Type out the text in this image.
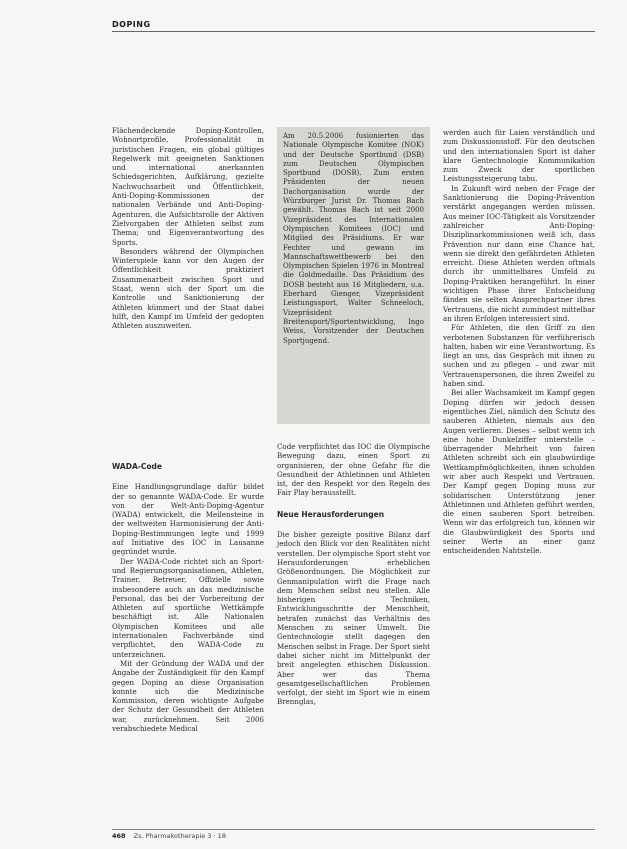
DOPING

Flächendeckende Doping-Kontrollen, Wohnortprofile, Professionalität in juristischen Fragen, ein global gültiges Regelwerk mit geeigneten Sanktionen und international anerkannten Schiedsgerichten, Aufklärung, gezielte Nachwuchsarbeit und Öffentlichkeit, Anti-Doping-Kommissionen der nationalen Verbände und Anti-Doping-Agenturen, die Aufsichtsrolle der Aktiven Zielvorgaben der Athleten selbst zum Thema; und Eigenverantwortung des Sports.

Besonders während der Olympischen Winterspiele kann vor den Augen der Öffentlichkeit praktiziert Zusammenarbeit zwischen Sport und Staat, wenn sich der Sport um die Kontrolle und Sanktionierung der Athleten kümmert und der Staat dabei hilft, den Kampf im Umfeld der gedopten Athleten auszuweiten.

Am 20.5.2006 fusionierten das Nationale Olympische Komitee (NOK) und der Deutsche Sportbund (DSB) zum Deutschen Olympischen Sportbund (DOSB). Zum ersten Präsidenten der neuen Dachorganisation wurde der Würzburger Jurist Dr. Thomas Bach gewählt. Thomas Bach ist seit 2000 Vizepräsident des Internationalen Olympischen Komitees (IOC) und Mitglied des Präsidiums. Er war Fechter und gewann im Mannschaftswettbewerb bei den Olympischen Spielen 1976 in Montreal die Goldmedaille. Das Präsidium des DOSB besteht aus 16 Mitgliedern, u.a. Eberhard Gienger, Vizepräsident Leistungssport, Walter Schneeloch, Vizepräsident Breitensport/Sportentwicklung, Ingo Weiss, Vorsitzender der Deutschen Sportjugend.

werden auch für Laien verständlich und zum Diskussionsstoff. Für den deutschen und den internationalen Sport ist daher klare Gentechnologie Kommunikation zum Zweck der sportlichen Leistungssteigerung tabu.

In Zukunft wird neben der Frage der Sanktionierung die Doping-Prävention verstärkt angegangen werden müssen. Aus meiner IOC-Tätigkeit als Vorsitzender zahlreicher Anti-Doping-Disziplinarkommissionen weiß ich, dass Prävention nur dann eine Chance hat, wenn sie direkt den gefährdeten Athleten erreicht. Diese Athleten werden oftmals durch ihr unmittelbares Umfeld zu Doping-Praktiken herangeführt. In einer wichtigen Phase ihrer Entscheidung fänden sie selten Ansprechpartner ihres Vertrauens, die nicht zumindest mittelbar an ihren Erfolgen interessiert sind.

Für Athleten, die den Griff zu den verbotenen Substanzen für verführerisch halten, haben wir eine Verantwortung. Es liegt an uns, das Gespräch mit ihnen zu suchen und zu pflegen – und zwar mit Vertrauenspersonen, die ihren Zweifel zu haben sind.

Bei aller Wachsamkeit im Kampf gegen Doping dürfen wir jedoch dessen eigentliches Ziel, nämlich den Schutz des sauberen Athleten, niemals aus den Augen verlieren. Dieses – selbst wenn ich eine hohe Dunkelziffer unterstelle – überragender Mehrheit von fairen Athleten schreibt sich ein glaubwürdige Wettkampfmöglichkeiten, ihnen schulden wir aber auch Respekt und Vertrauen. Der Kampf gegen Doping muss zur solidarischen Unterstützung jener Athletinnen und Athleten geführt werden, die einen sauberen Sport betreiben. Wenn wir das erfolgreich tun, können wir die Glaubwürdigkeit des Sports und seiner Werte an einer ganz entscheidenden Nahtstelle.

WADA-Code

Eine Handlungsgrundlage dafür bildet der so genannte WADA-Code. Er wurde von der Welt-Anti-Doping-Agentur (WADA) entwickelt, die Meilensteine in der weltweiten Harmonisierung der Anti-Doping-Bestimmungen legte und 1999 auf Initiative des IOC in Lausanne gegründet wurde.

Der WADA-Code richtet sich an Sport- und Regierungsorganisationen, Athleten, Trainer, Betreuer, Offizielle sowie insbesondere auch an das medizinische Personal, das bei der Vorbereitung der Athleten auf sportliche Wettkämpfe beschäftigt ist. Alle Nationalen Olympischen Komitees und alle internationalen Fachverbände sind verpflichtet, den WADA-Code zu unterzeichnen.

Mit der Gründung der WADA und der Angabe der Zuständigkeit für den Kampf gegen Doping an diese Organisation konnte sich die Medizinische Kommission, deren wichtigste Aufgabe der Schutz der Gesundheit der Athleten war, zurücknehmen. Seit 2006 verabschiedete Medical

Code verpflichtet das IOC die Olympische Bewegung dazu, einen Sport zu organisieren, der ohne Gefahr für die Gesundheit der Athletinnen und Athleten ist, der den Respekt vor den Regeln des Fair Play herausstellt.

Neue Herausforderungen

Die bisher gezeigte positive Bilanz darf jedoch den Blick vor den Realitäten nicht verstellen. Der olympische Sport steht vor Herausforderungen erheblichen Größenordnungen. Die Möglichkeit zur Genmanipulation wirft die Frage nach dem Menschen selbst neu stellen. Alle bisherigen Techniken, Entwicklungsschritte der Menschheit, betrafen zunächst das Verhältnis des Menschen zu seiner Umwelt. Die Gentechnologie stellt dagegen den Menschen selbst in Frage. Der Sport sieht dabei sicher nicht im Mittelpunkt der breit angelegten ethischen Diskussion. Aber wer das Thema gesamtgesellschaftlichen Problemen verfolgt, der sieht im Sport wie in einem Brennglas,

468 Zs. Pharmakotherapie 3 · 18
